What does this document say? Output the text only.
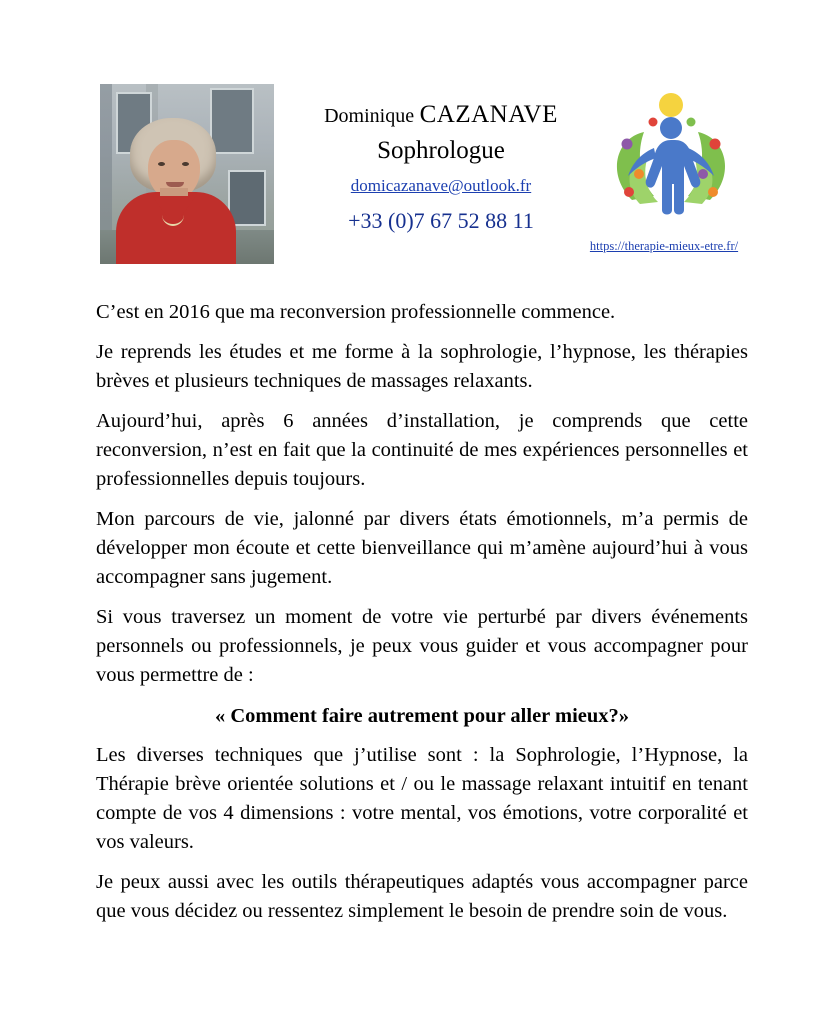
Dominique CAZANAVE
Sophrologue
domicazanave@outlook.fr
+33 (0)7 67 52 88 11
https://therapie-mieux-etre.fr/

C’est en 2016 que ma reconversion professionnelle commence.

Je reprends les études et me forme à la sophrologie, l’hypnose, les thérapies brèves et plusieurs techniques de massages relaxants.

Aujourd’hui, après 6 années d’installation, je comprends que cette reconversion, n’est en fait que la continuité de mes expériences personnelles et professionnelles depuis toujours.

Mon parcours de vie, jalonné par divers états émotionnels, m’a permis de développer mon écoute et cette bienveillance qui m’amène aujourd’hui à vous accompagner sans jugement.

Si vous traversez un moment de votre vie perturbé par divers événements personnels ou professionnels, je peux vous guider et vous accompagner pour vous permettre de :

« Comment faire autrement pour aller mieux?»

Les diverses techniques que j’utilise sont : la Sophrologie, l’Hypnose, la Thérapie brève orientée solutions et / ou le massage relaxant intuitif en tenant compte de vos 4 dimensions : votre mental, vos émotions, votre corporalité et vos valeurs.

Je peux aussi avec les outils thérapeutiques adaptés vous accompagner parce que vous décidez ou ressentez simplement le besoin de prendre soin de vous.
